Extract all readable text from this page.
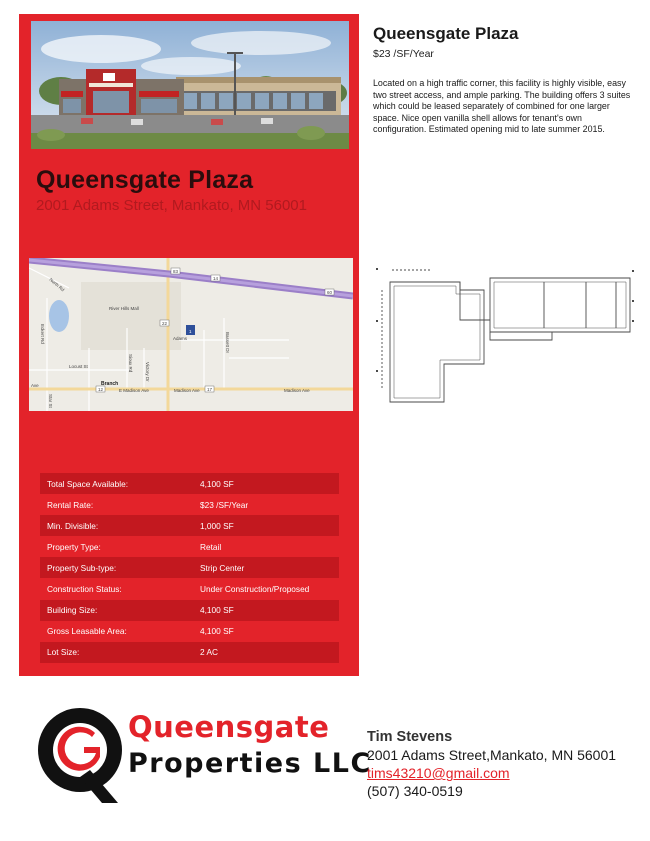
Queensgate Plaza
2001 Adams Street, Mankato, MN 56001
83
14
60
22
12	17
North Rd
River Hills Mall
Adams
Eckert Rd
Sioux Rd	Victory Dr
Bassett Dr
Star St
Locust St
Ave	Branch
E Madison Ave	Madison Ave	Madison Ave
1
Total Space Available:	4,100 SF
Rental Rate:	$23 /SF/Year
Min. Divisible:	1,000 SF
Property Type:	Retail
Property Sub-type:	Strip Center
Construction Status:	Under Construction/Proposed
Building Size:	4,100 SF
Gross Leasable Area:	4,100 SF
Lot Size:	2 AC
Queensgate Plaza
$23 /SF/Year
Located on a high traffic corner, this facility is highly visible, easy two street access, and ample parking. The building offers 3 suites which could be leased separately of combined for one larger space. Nice open vanilla shell allows for tenant's own configuration. Estimated opening mid to late summer 2015.
Queensgate
Properties LLC
Tim Stevens
2001 Adams Street,Mankato, MN 56001
tims43210@gmail.com
(507) 340-0519
